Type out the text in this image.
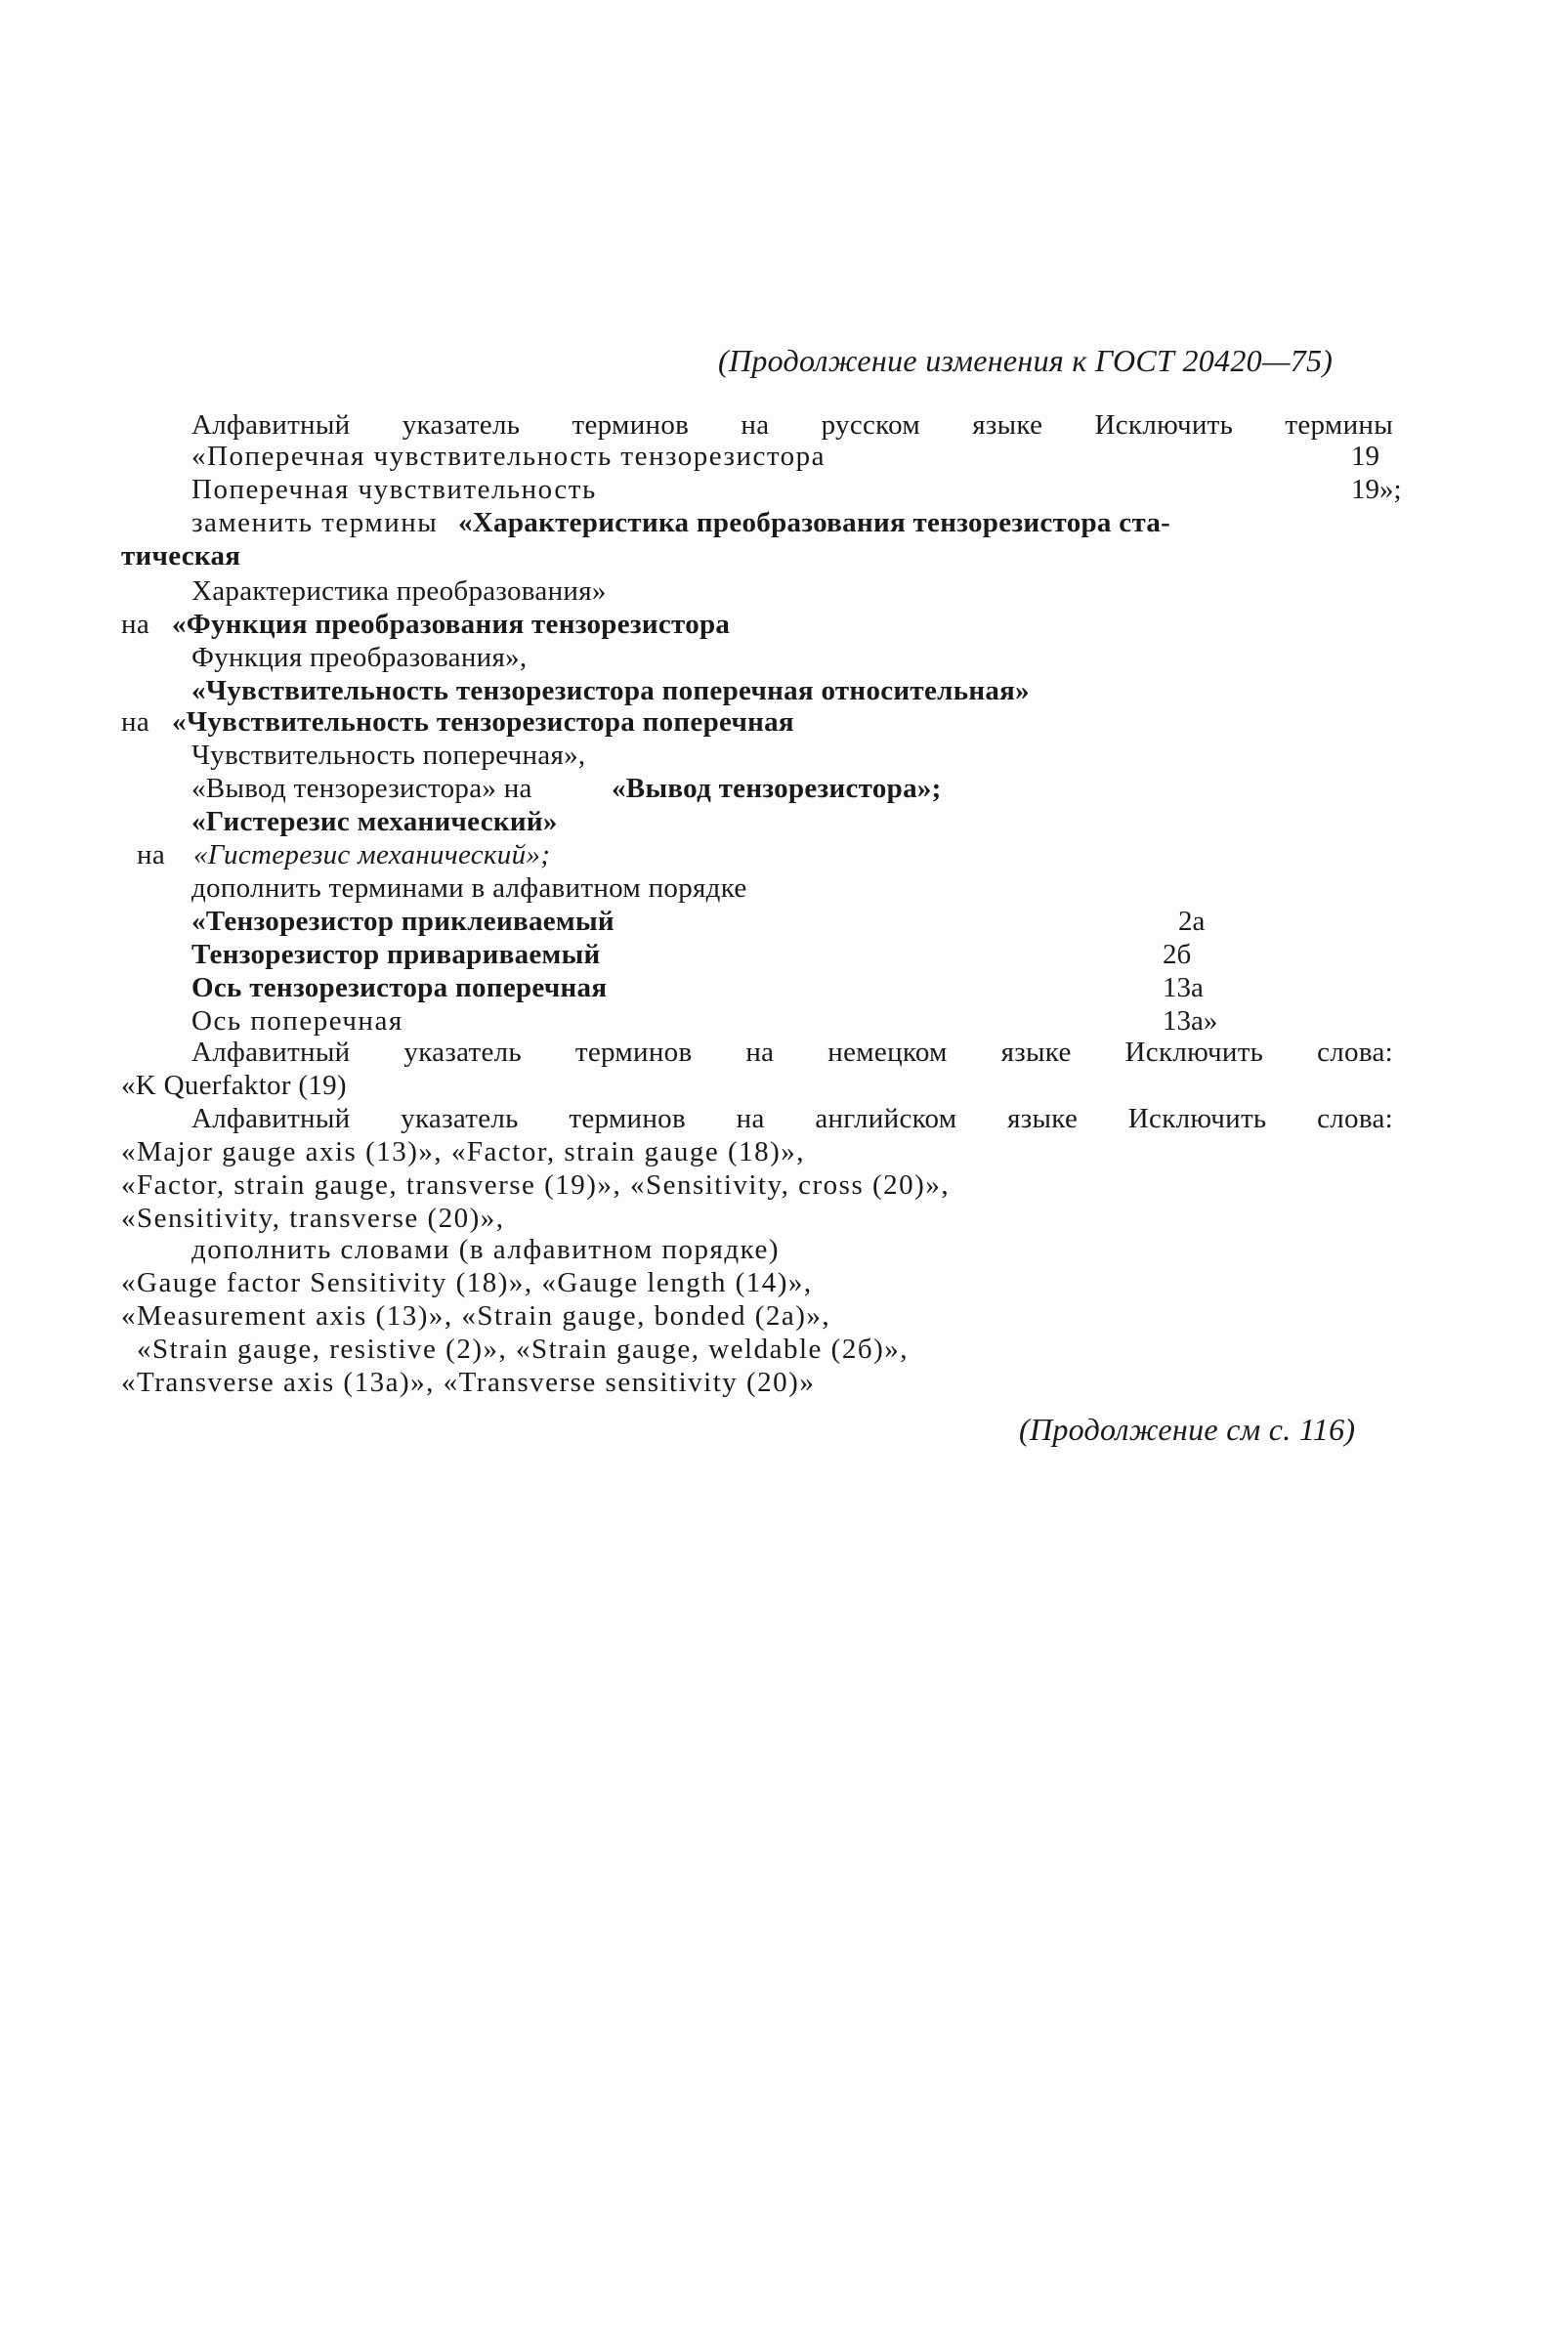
(Продолжение изменения к ГОСТ 20420—75)
Алфавитный указатель терминов на русском языке Исключить термины
«Поперечная чувствительность тензорезистора	19
Поперечная чувствительность	19»;
заменить термины «Характеристика преобразования тензорезистора ста-
тическая
Характеристика преобразования»
на «Функция преобразования тензорезистора
Функция преобразования»,
«Чувствительность тензорезистора поперечная относительная»
на «Чувствительность тензорезистора поперечная
Чувствительность поперечная»,
«Вывод тензорезистора» на	«Вывод тензорезистора»;
«Гистерезис механический»
на «Гистерезис механический»;
дополнить терминами в алфавитном порядке
«Тензорезистор приклеиваемый	2а
Тензорезистор привариваемый	2б
Ось тензорезистора поперечная	13а
Ось поперечная	13а»
Алфавитный указатель терминов на немецком языке Исключить слова:
«K Querfaktor (19)
Алфавитный указатель терминов на английском языке Исключить слова:
«Major gauge axis (13)», «Factor, strain gauge (18)»,
«Factor, strain gauge, transverse (19)», «Sensitivity, cross (20)»,
«Sensitivity, transverse (20)»,
дополнить словами (в алфавитном порядке)
«Gauge factor Sensitivity (18)», «Gauge length (14)»,
«Measurement axis (13)», «Strain gauge, bonded (2a)»,
«Strain gauge, resistive (2)», «Strain gauge, weldable (2б)»,
«Transverse axis (13a)», «Transverse sensitivity (20)»
(Продолжение см с. 116)
